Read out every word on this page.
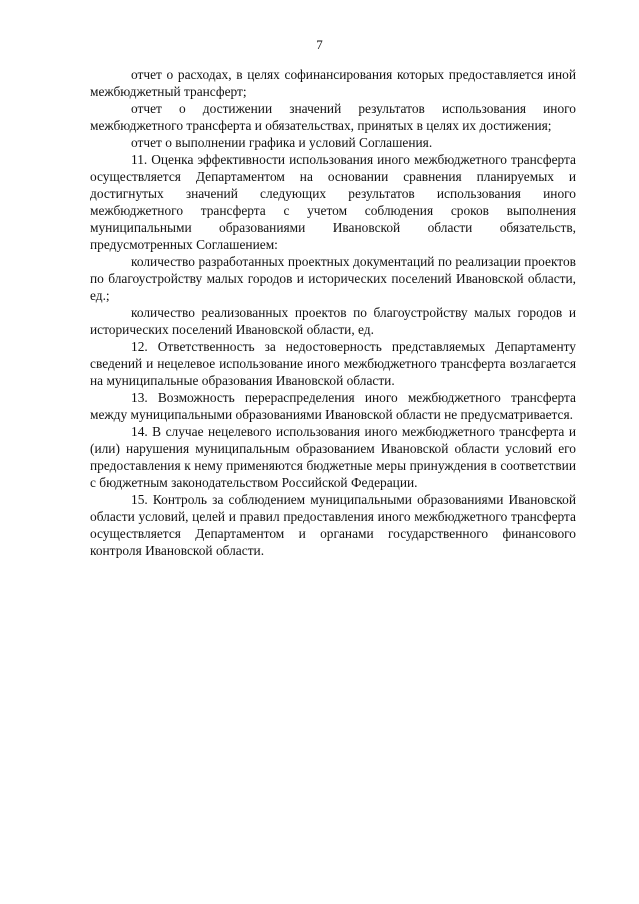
7

отчет о расходах, в целях софинансирования которых предоставляется иной межбюджетный трансферт;

отчет о достижении значений результатов использования иного межбюджетного трансферта и обязательствах, принятых в целях их достижения;

отчет о выполнении графика и условий Соглашения.

11. Оценка эффективности использования иного межбюджетного трансферта осуществляется Департаментом на основании сравнения планируемых и достигнутых значений следующих результатов использования иного межбюджетного трансферта с учетом соблюдения сроков выполнения муниципальными образованиями Ивановской области обязательств, предусмотренных Соглашением:

количество разработанных проектных документаций по реализации проектов по благоустройству малых городов и исторических поселений Ивановской области, ед.;

количество реализованных проектов по благоустройству малых городов и исторических поселений Ивановской области, ед.

12. Ответственность за недостоверность представляемых Департаменту сведений и нецелевое использование иного межбюджетного трансферта возлагается на муниципальные образования Ивановской области.

13. Возможность перераспределения иного межбюджетного трансферта между муниципальными образованиями Ивановской области не предусматривается.

14. В случае нецелевого использования иного межбюджетного трансферта и (или) нарушения муниципальным образованием Ивановской области условий его предоставления к нему применяются бюджетные меры принуждения в соответствии с бюджетным законодательством Российской Федерации.

15. Контроль за соблюдением муниципальными образованиями Ивановской области условий, целей и правил предоставления иного межбюджетного трансферта осуществляется Департаментом и органами государственного финансового контроля Ивановской области.
